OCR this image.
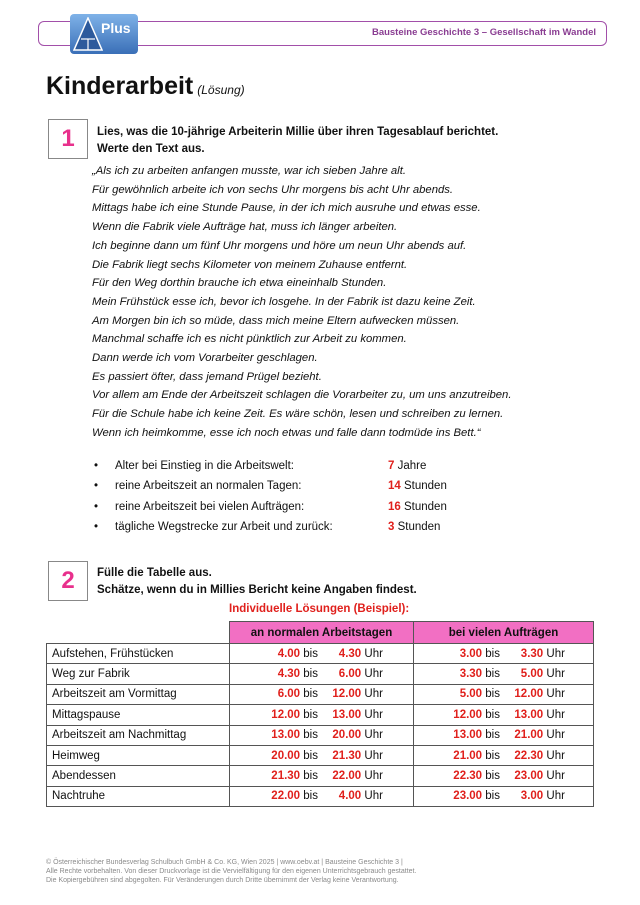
Bausteine Geschichte 3 – Gesellschaft im Wandel
Plus
Kinderarbeit (Lösung)
1	Lies, was die 10-jährige Arbeiterin Millie über ihren Tagesablauf berichtet.
Werte den Text aus.
„Als ich zu arbeiten anfangen musste, war ich sieben Jahre alt.
Für gewöhnlich arbeite ich von sechs Uhr morgens bis acht Uhr abends.
Mittags habe ich eine Stunde Pause, in der ich mich ausruhe und etwas esse.
Wenn die Fabrik viele Aufträge hat, muss ich länger arbeiten.
Ich beginne dann um fünf Uhr morgens und höre um neun Uhr abends auf.
Die Fabrik liegt sechs Kilometer von meinem Zuhause entfernt.
Für den Weg dorthin brauche ich etwa eineinhalb Stunden.
Mein Frühstück esse ich, bevor ich losgehe. In der Fabrik ist dazu keine Zeit.
Am Morgen bin ich so müde, dass mich meine Eltern aufwecken müssen.
Manchmal schaffe ich es nicht pünktlich zur Arbeit zu kommen.
Dann werde ich vom Vorarbeiter geschlagen.
Es passiert öfter, dass jemand Prügel bezieht.
Vor allem am Ende der Arbeitszeit schlagen die Vorarbeiter zu, um uns anzutreiben.
Für die Schule habe ich keine Zeit. Es wäre schön, lesen und schreiben zu lernen.
Wenn ich heimkomme, esse ich noch etwas und falle dann todmüde ins Bett.“
• Alter bei Einstieg in die Arbeitswelt:	7 Jahre
• reine Arbeitszeit an normalen Tagen:	14 Stunden
• reine Arbeitszeit bei vielen Aufträgen:	16 Stunden
• tägliche Wegstrecke zur Arbeit und zurück:	3 Stunden
2	Fülle die Tabelle aus.
Schätze, wenn du in Millies Bericht keine Angaben findest.
Individuelle Lösungen (Beispiel):
	an normalen Arbeitstagen	bei vielen Aufträgen
Aufstehen, Frühstücken	4.00 bis 4.30 Uhr	3.00 bis 3.30 Uhr
Weg zur Fabrik	4.30 bis 6.00 Uhr	3.30 bis 5.00 Uhr
Arbeitszeit am Vormittag	6.00 bis 12.00 Uhr	5.00 bis 12.00 Uhr
Mittagspause	12.00 bis 13.00 Uhr	12.00 bis 13.00 Uhr
Arbeitszeit am Nachmittag	13.00 bis 20.00 Uhr	13.00 bis 21.00 Uhr
Heimweg	20.00 bis 21.30 Uhr	21.00 bis 22.30 Uhr
Abendessen	21.30 bis 22.00 Uhr	22.30 bis 23.00 Uhr
Nachtruhe	22.00 bis 4.00 Uhr	23.00 bis 3.00 Uhr
© Österreichischer Bundesverlag Schulbuch GmbH & Co. KG, Wien 2025 | www.oebv.at | Bausteine Geschichte 3 |
Alle Rechte vorbehalten. Von dieser Druckvorlage ist die Vervielfältigung für den eigenen Unterrichtsgebrauch gestattet.
Die Kopiergebühren sind abgegolten. Für Veränderungen durch Dritte übernimmt der Verlag keine Verantwortung.
